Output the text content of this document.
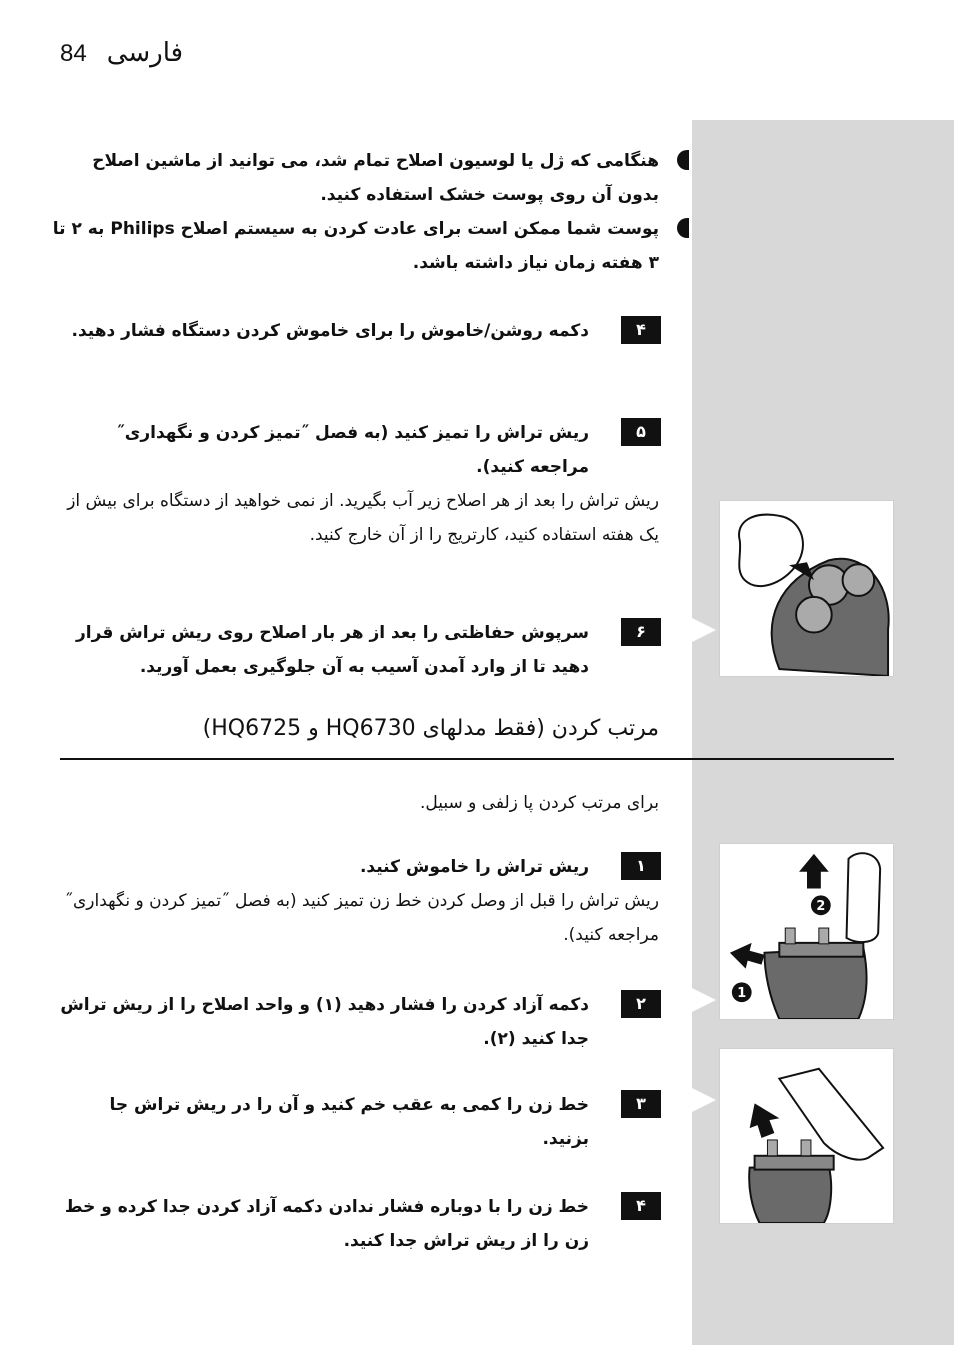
84 فارسی
هنگامی که ژل یا لوسیون اصلاح تمام شد، می توانید از ماشین اصلاح بدون آن روی پوست خشک استفاده کنید.
پوست شما ممکن است برای عادت کردن به سیستم اصلاح Philips به ۲ تا ۳ هفته زمان نیاز داشته باشد.
۴
دکمه روشن/خاموش را برای خاموش کردن دستگاه فشار دهید.
۵
ریش تراش را تمیز کنید (به فصل ˝تمیز کردن و نگهداری˝ مراجعه کنید).
ریش تراش را بعد از هر اصلاح زیر آب بگیرید. از نمی خواهید از دستگاه برای بیش از یک هفته استفاده کنید، کارتریج را از آن خارج کنید.
۶
سرپوش حفاظتی را بعد از هر بار اصلاح روی ریش تراش قرار دهید تا از وارد آمدن آسیب به آن جلوگیری بعمل آورید.
مرتب کردن (فقط مدلهای HQ6730 و HQ6725)
برای مرتب کردن پا زلفی و سبیل.
۱
ریش تراش را خاموش کنید.
ریش تراش را قبل از وصل کردن خط زن تمیز کنید (به فصل ˝تمیز کردن و نگهداری˝ مراجعه کنید).
۲
دکمه آزاد کردن را فشار دهید (۱) و واحد اصلاح را از ریش تراش جدا کنید (۲).
2
1
۳
خط زن را کمی به عقب خم کنید و آن را در ریش تراش جا بزنید.
۴
خط زن را با دوباره فشار ندادن دکمه آزاد کردن جدا کرده و خط زن را از ریش تراش جدا کنید.
